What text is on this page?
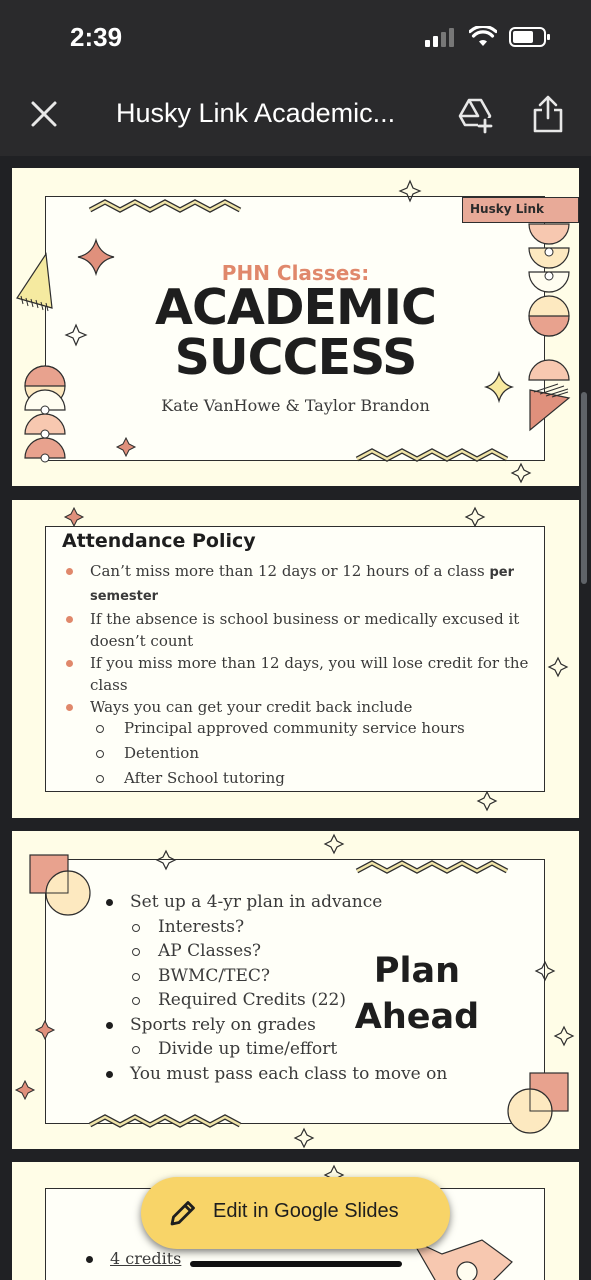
2:39
Husky Link Academic...
Husky Link
PHN Classes:
ACADEMIC
SUCCESS
Kate VanHowe & Taylor Brandon
Attendance Policy
Can’t miss more than 12 days or 12 hours of a class per semester
If the absence is school business or medically excused it doesn’t count
If you miss more than 12 days, you will lose credit for the class
Ways you can get your credit back include
Principal approved community service hours
Detention
After School tutoring
Set up a 4-yr plan in advance
Interests?
AP Classes?
BWMC/TEC?
Required Credits (22)
Sports rely on grades
Divide up time/effort
You must pass each class to move on
Plan
Ahead
4 credits
Edit in Google Slides
